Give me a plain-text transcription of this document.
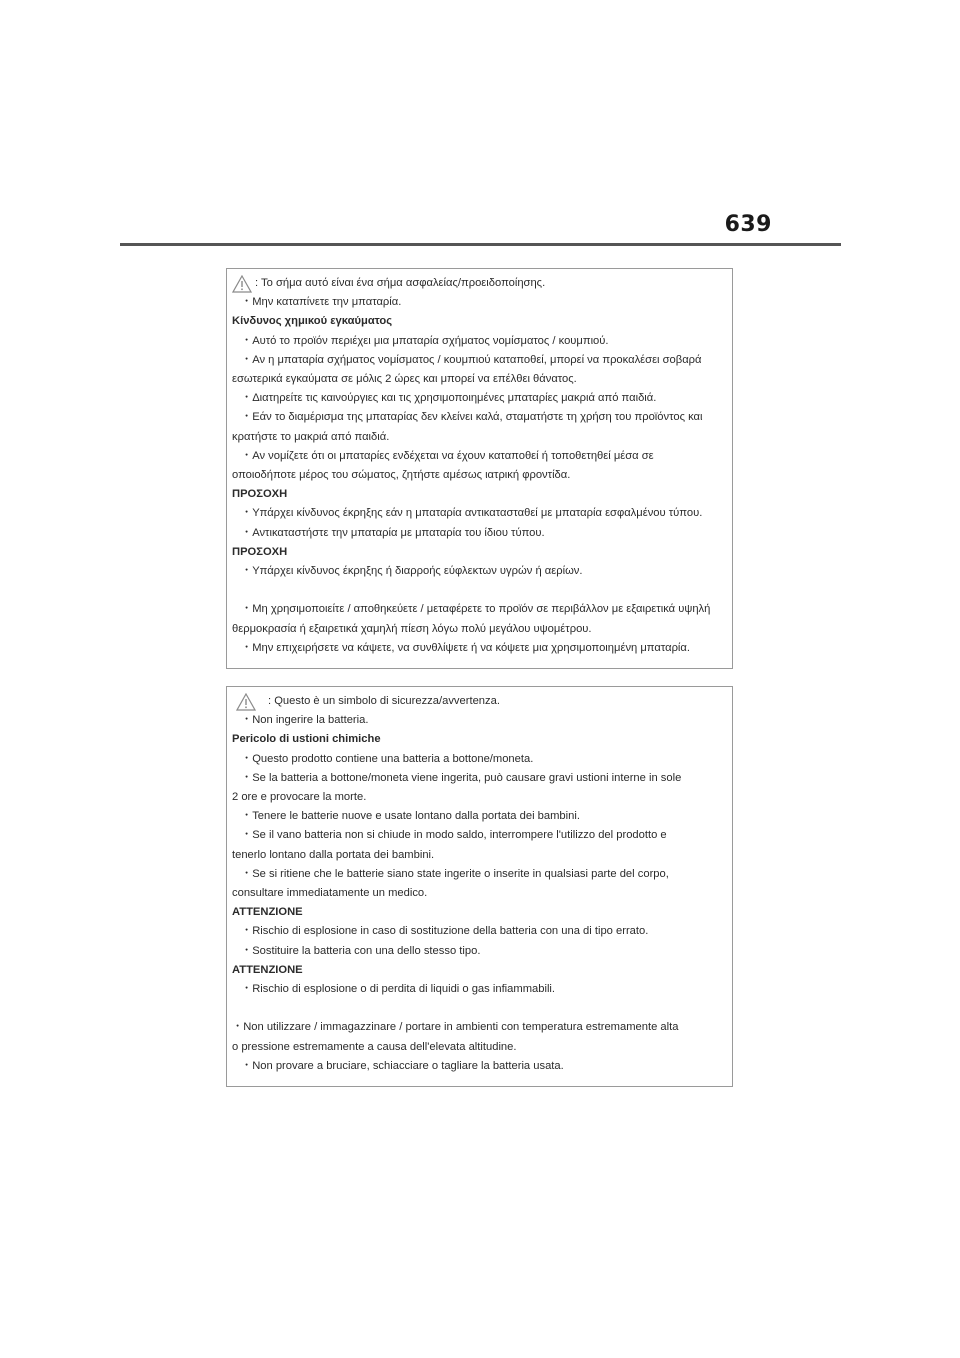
639
: Το σήμα αυτό είναι ένα σήμα ασφαλείας/προειδοποίησης.
・Μην καταπίνετε την μπαταρία.
Κίνδυνος χημικού εγκαύματος
・Αυτό το προϊόν περιέχει μια μπαταρία σχήματος νομίσματος / κουμπιού.
・Αν η μπαταρία σχήματος νομίσματος / κουμπιού καταποθεί, μπορεί να προκαλέσει σοβαρά
εσωτερικά εγκαύματα σε μόλις 2 ώρες και μπορεί να επέλθει θάνατος.
・Διατηρείτε τις καινούργιες και τις χρησιμοποιημένες μπαταρίες μακριά από παιδιά.
・Εάν το διαμέρισμα της μπαταρίας δεν κλείνει καλά, σταματήστε τη χρήση του προϊόντος και
κρατήστε το μακριά από παιδιά.
・Αν νομίζετε ότι οι μπαταρίες ενδέχεται να έχουν καταποθεί ή τοποθετηθεί μέσα σε
οποιοδήποτε μέρος του σώματος, ζητήστε αμέσως ιατρική φροντίδα.
ΠΡΟΣΟΧΗ
・Υπάρχει κίνδυνος έκρηξης εάν η μπαταρία αντικατασταθεί με μπαταρία εσφαλμένου τύπου.
・Αντικαταστήστε την μπαταρία με μπαταρία του ίδιου τύπου.
ΠΡΟΣΟΧΗ
・Υπάρχει κίνδυνος έκρηξης ή διαρροής εύφλεκτων υγρών ή αερίων.
・Μη χρησιμοποιείτε / αποθηκεύετε / μεταφέρετε το προϊόν σε περιβάλλον με εξαιρετικά υψηλή
θερμοκρασία ή εξαιρετικά χαμηλή πίεση λόγω πολύ μεγάλου υψομέτρου.
・Μην επιχειρήσετε να κάψετε, να συνθλίψετε ή να κόψετε μια χρησιμοποιημένη μπαταρία.
: Questo è un simbolo di sicurezza/avvertenza.
・Non ingerire la batteria.
Pericolo di ustioni chimiche
・Questo prodotto contiene una batteria a bottone/moneta.
・Se la batteria a bottone/moneta viene ingerita, può causare gravi ustioni interne in sole
2 ore e provocare la morte.
・Tenere le batterie nuove e usate lontano dalla portata dei bambini.
・Se il vano batteria non si chiude in modo saldo, interrompere l'utilizzo del prodotto e
tenerlo lontano dalla portata dei bambini.
・Se si ritiene che le batterie siano state ingerite o inserite in qualsiasi parte del corpo,
consultare immediatamente un medico.
ATTENZIONE
・Rischio di esplosione in caso di sostituzione della batteria con una di tipo errato.
・Sostituire la batteria con una dello stesso tipo.
ATTENZIONE
・Rischio di esplosione o di perdita di liquidi o gas infiammabili.
・Non utilizzare / immagazzinare / portare in ambienti con temperatura estremamente alta
o pressione estremamente a causa dell'elevata altitudine.
・Non provare a bruciare, schiacciare o tagliare la batteria usata.
